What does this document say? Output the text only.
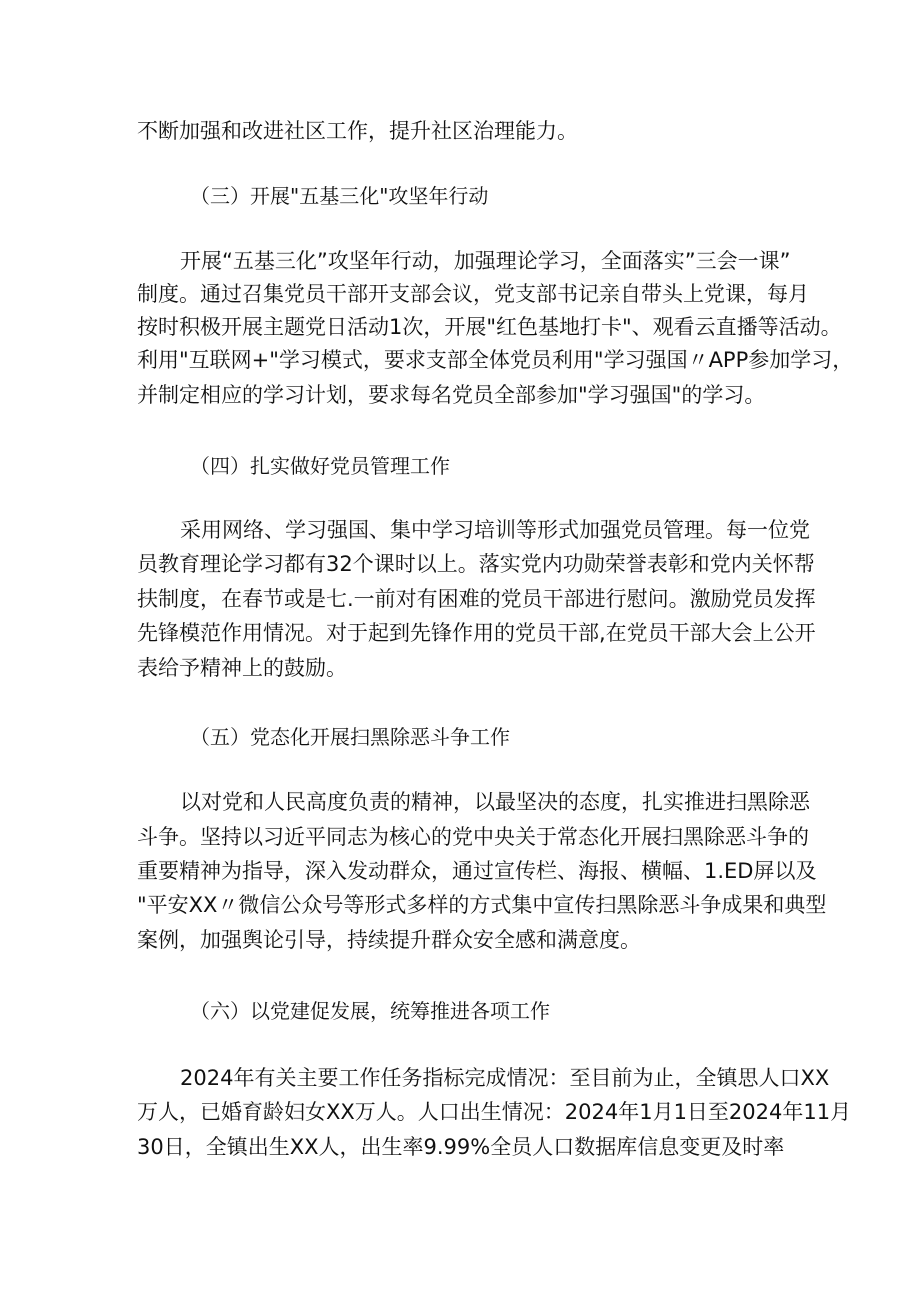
不断加强和改进社区工作，提升社区治理能力。
（三）开展"五基三化"攻坚年行动
开展“五基三化”攻坚年行动，加强理论学习，全面落实”三会一课”
制度。通过召集党员干部开支部会议，党支部书记亲自带头上党课，每月
按时积极开展主题党日活动1次，开展"红色基地打卡"、观看云直播等活动。
利用"互联网+"学习模式，要求支部全体党员利用"学习强国〃APP参加学习，
并制定相应的学习计划，要求每名党员全部参加"学习强国"的学习。
（四）扎实做好党员管理工作
采用网络、学习强国、集中学习培训等形式加强党员管理。每一位党
员教育理论学习都有32个课时以上。落实党内功勋荣誉表彰和党内关怀帮
扶制度，在春节或是七.一前对有困难的党员干部进行慰问。激励党员发挥
先锋模范作用情况。对于起到先锋作用的党员干部,在党员干部大会上公开
表给予精神上的鼓励。
（五）党态化开展扫黑除恶斗争工作
以对党和人民高度负责的精神，以最坚决的态度，扎实推进扫黑除恶
斗争。坚持以习近平同志为核心的党中央关于常态化开展扫黑除恶斗争的
重要精神为指导，深入发动群众，通过宣传栏、海报、横幅、1.ED屏以及
"平安XX〃微信公众号等形式多样的方式集中宣传扫黑除恶斗争成果和典型
案例，加强舆论引导，持续提升群众安全感和满意度。
（六）以党建促发展，统筹推进各项工作
2024年有关主要工作任务指标完成情况：至目前为止，全镇思人口XX
万人，已婚育龄妇女XX万人。人口出生情况：2024年1月1日至2024年11月
30日，全镇出生XX人，出生率9.99%全员人口数据库信息变更及时率
